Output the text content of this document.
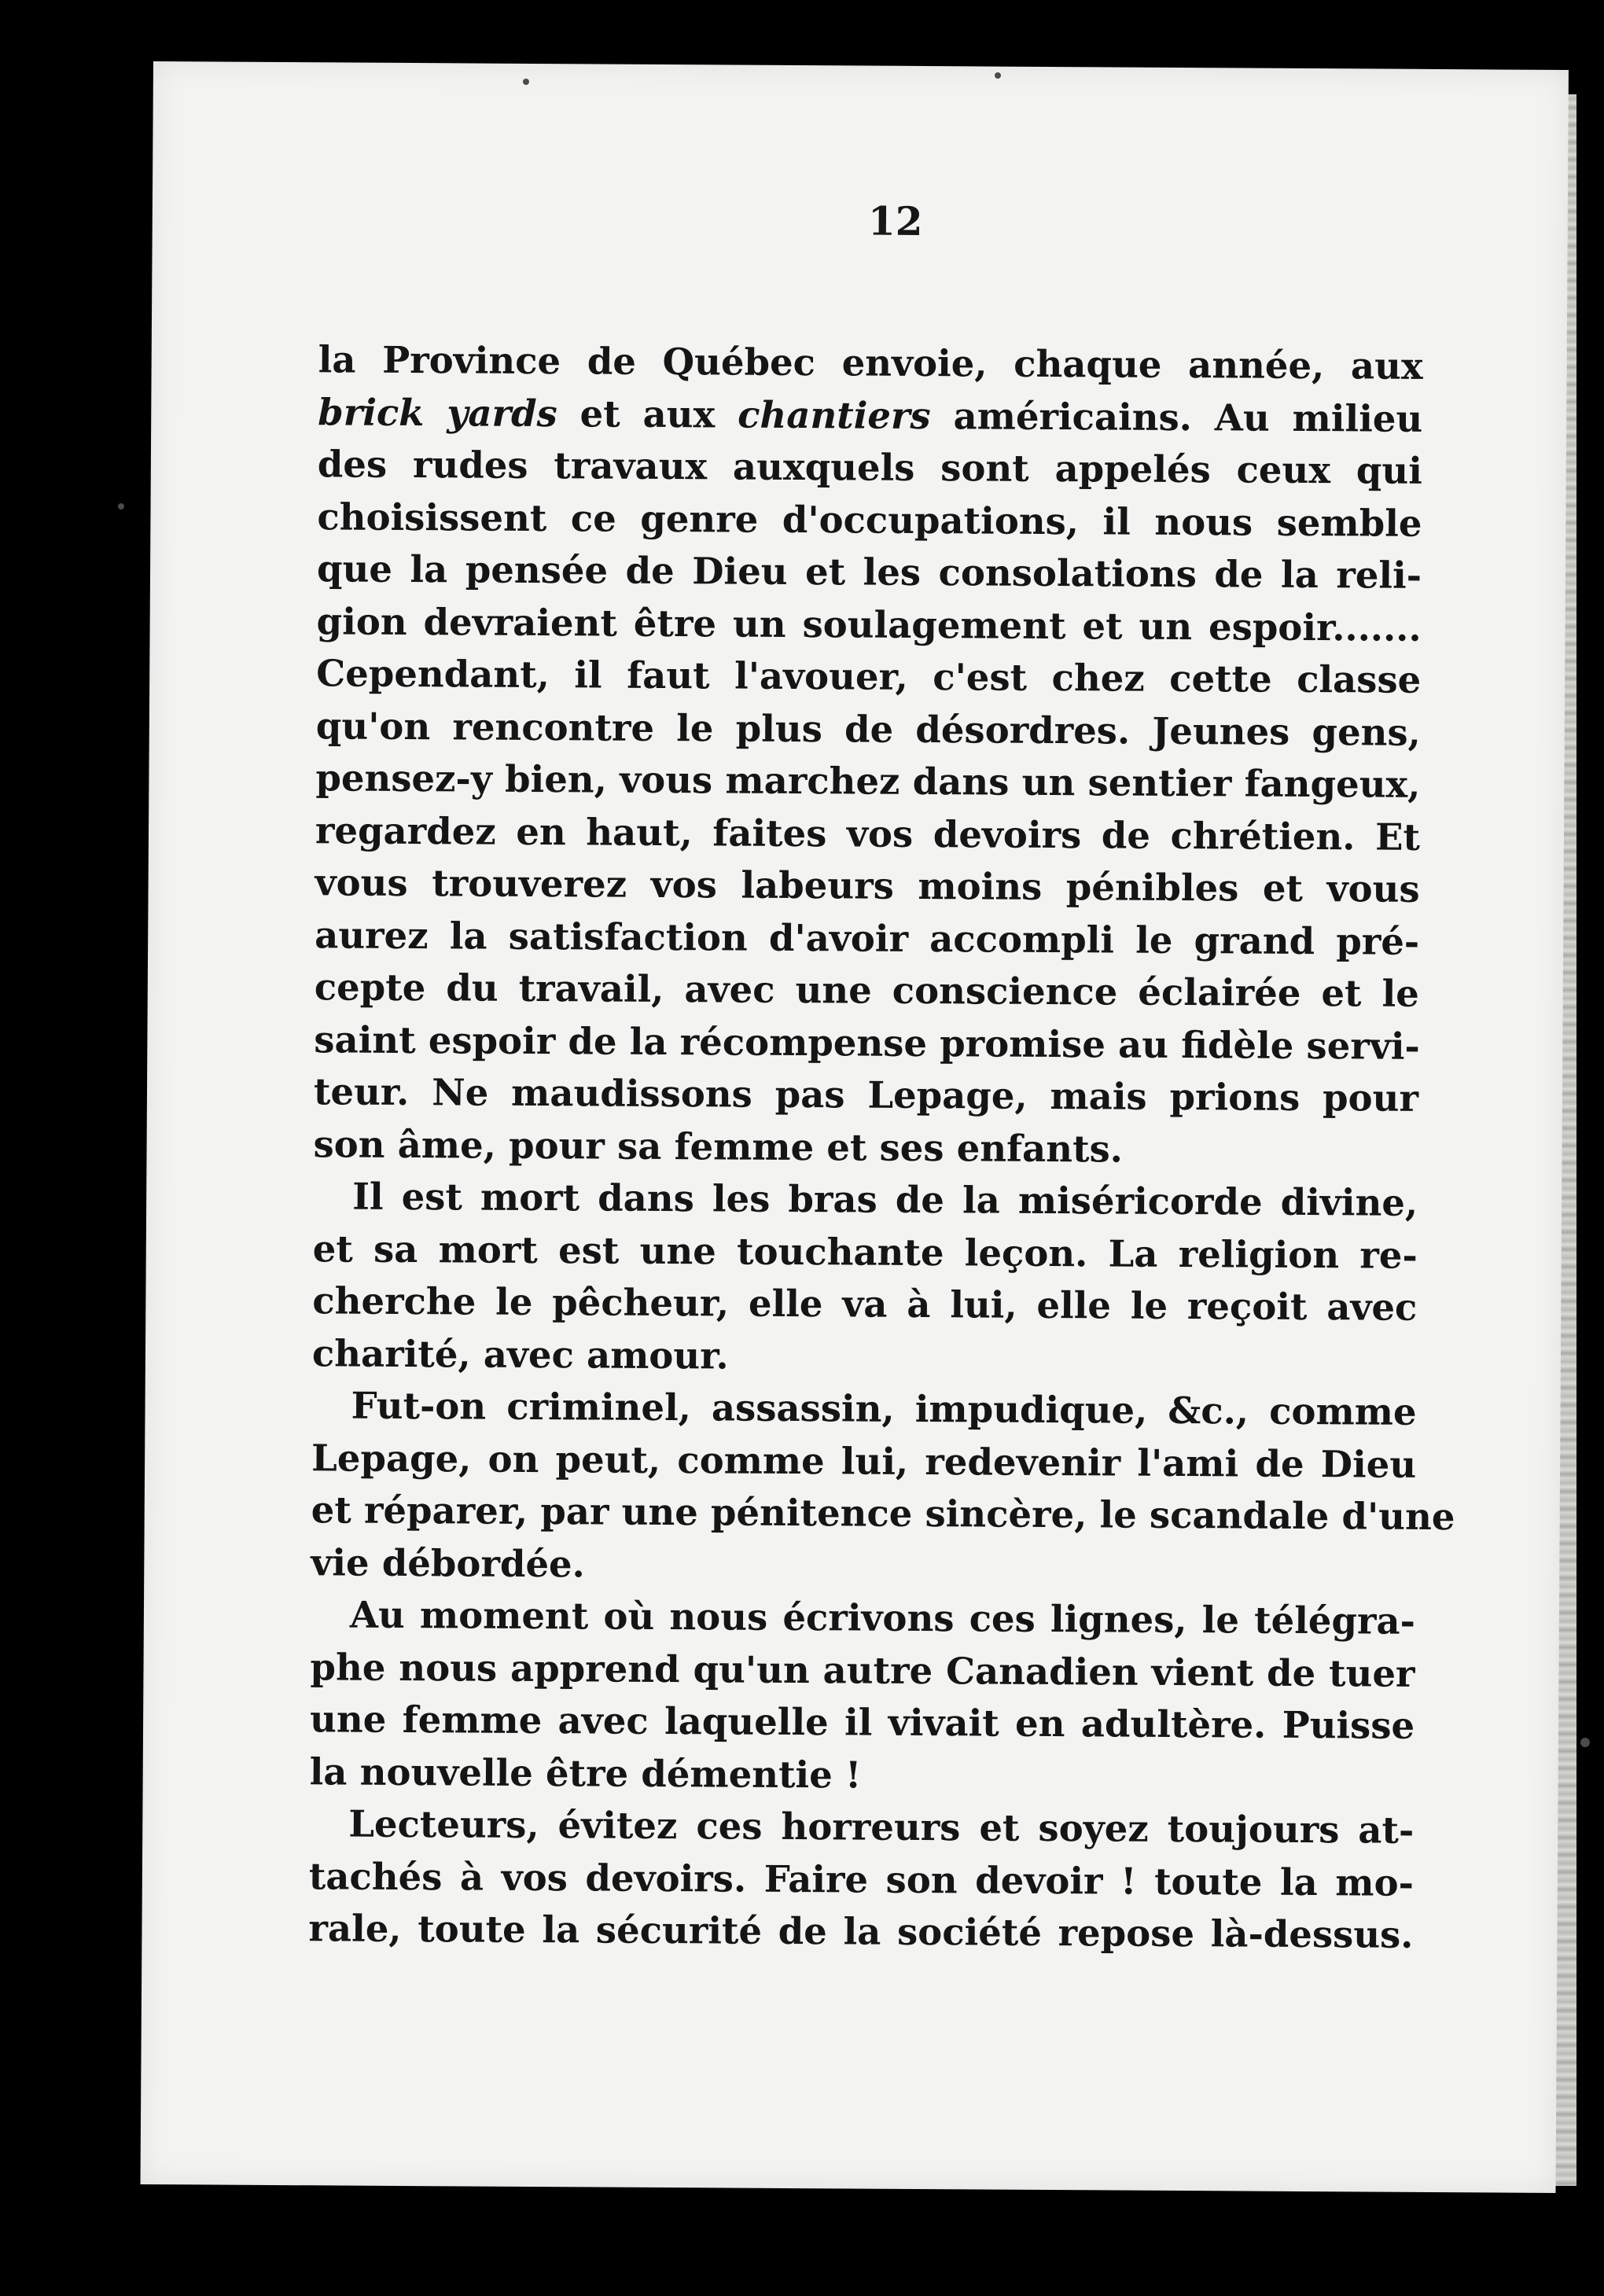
12
la Province de Québec envoie, chaque année, aux
brick yards et aux chantiers américains. Au milieu
des rudes travaux auxquels sont appelés ceux qui
choisissent ce genre d'occupations, il nous semble
que la pensée de Dieu et les consolations de la reli-
gion devraient être un soulagement et un espoir.......
Cependant, il faut l'avouer, c'est chez cette classe
qu'on rencontre le plus de désordres. Jeunes gens,
pensez-y bien, vous marchez dans un sentier fangeux,
regardez en haut, faites vos devoirs de chrétien. Et
vous trouverez vos labeurs moins pénibles et vous
aurez la satisfaction d'avoir accompli le grand pré-
cepte du travail, avec une conscience éclairée et le
saint espoir de la récompense promise au fidèle servi-
teur. Ne maudissons pas Lepage, mais prions pour
son âme, pour sa femme et ses enfants.
Il est mort dans les bras de la miséricorde divine,
et sa mort est une touchante leçon. La religion re-
cherche le pêcheur, elle va à lui, elle le reçoit avec
charité, avec amour.
Fut-on criminel, assassin, impudique, &c., comme
Lepage, on peut, comme lui, redevenir l'ami de Dieu
et réparer, par une pénitence sincère, le scandale d'une
vie débordée.
Au moment où nous écrivons ces lignes, le télégra-
phe nous apprend qu'un autre Canadien vient de tuer
une femme avec laquelle il vivait en adultère. Puisse
la nouvelle être démentie !
Lecteurs, évitez ces horreurs et soyez toujours at-
tachés à vos devoirs. Faire son devoir ! toute la mo-
rale, toute la sécurité de la société repose là-dessus.
